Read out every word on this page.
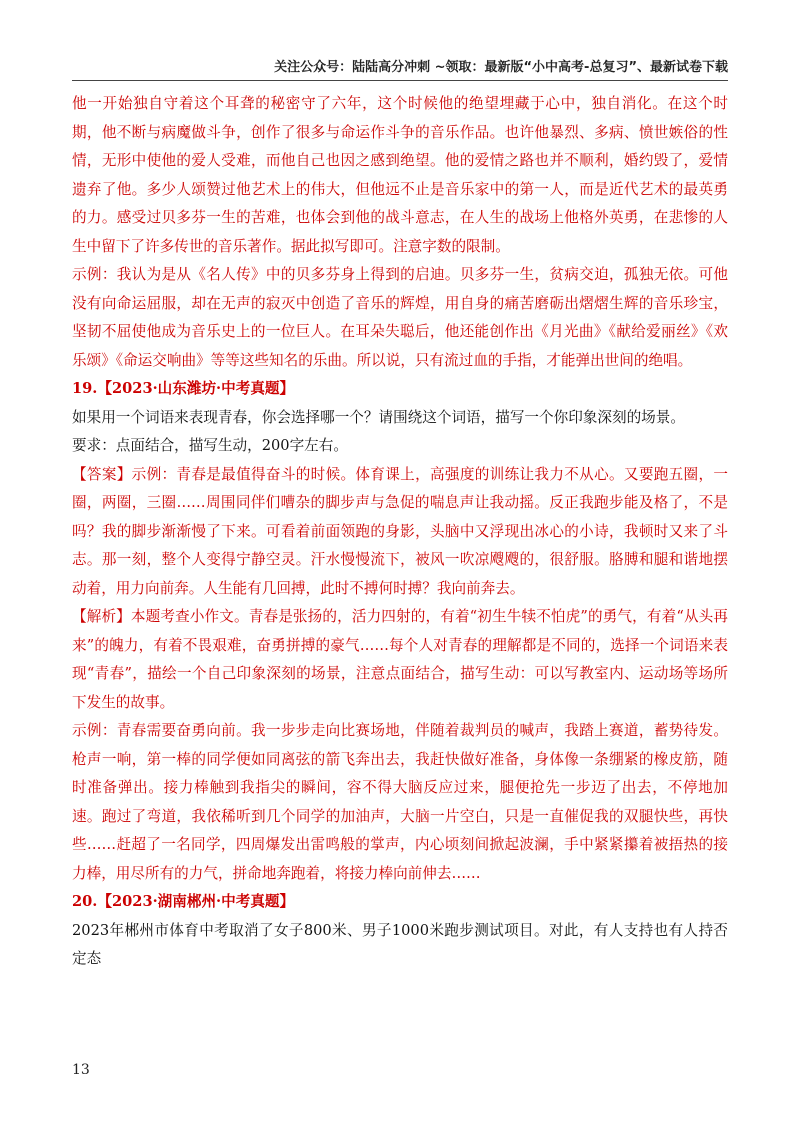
关注公众号：陆陆高分冲刺 ~领取：最新版“小中高考-总复习”、最新试卷下载

他一开始独自守着这个耳聋的秘密守了六年，这个时候他的绝望埋藏于心中，独自消化。在这个时期，他不断与病魔做斗争，创作了很多与命运作斗争的音乐作品。也许他暴烈、多病、愤世嫉俗的性情，无形中使他的爱人受难，而他自己也因之感到绝望。他的爱情之路也并不顺利，婚约毁了，爱情遗弃了他。多少人颂赞过他艺术上的伟大，但他远不止是音乐家中的第一人，而是近代艺术的最英勇的力。感受过贝多芬一生的苦难，也体会到他的战斗意志，在人生的战场上他格外英勇，在悲惨的人生中留下了许多传世的音乐著作。据此拟写即可。注意字数的限制。

示例：我认为是从《名人传》中的贝多芬身上得到的启迪。贝多芬一生，贫病交迫，孤独无依。可他没有向命运屈服，却在无声的寂灭中创造了音乐的辉煌，用自身的痛苦磨砺出熠熠生辉的音乐珍宝，坚韧不屈使他成为音乐史上的一位巨人。在耳朵失聪后，他还能创作出《月光曲》《献给爱丽丝》《欢乐颂》《命运交响曲》等等这些知名的乐曲。所以说，只有流过血的手指，才能弹出世间的绝唱。

19.【2023·山东潍坊·中考真题】

如果用一个词语来表现青春，你会选择哪一个？请围绕这个词语，描写一个你印象深刻的场景。

要求：点面结合，描写生动，200字左右。

【答案】示例：青春是最值得奋斗的时候。体育课上，高强度的训练让我力不从心。又要跑五圈，一圈，两圈，三圈……周围同伴们嘈杂的脚步声与急促的喘息声让我动摇。反正我跑步能及格了，不是吗？我的脚步渐渐慢了下来。可看着前面领跑的身影，头脑中又浮现出冰心的小诗，我顿时又来了斗志。那一刻，整个人变得宁静空灵。汗水慢慢流下，被风一吹凉飕飕的，很舒服。胳膊和腿和谐地摆动着，用力向前奔。人生能有几回搏，此时不搏何时搏？我向前奔去。

【解析】本题考查小作文。青春是张扬的，活力四射的，有着“初生牛犊不怕虎”的勇气，有着“从头再来”的魄力，有着不畏艰难，奋勇拼搏的豪气……每个人对青春的理解都是不同的，选择一个词语来表现“青春”，描绘一个自己印象深刻的场景，注意点面结合，描写生动：可以写教室内、运动场等场所下发生的故事。

示例：青春需要奋勇向前。我一步步走向比赛场地，伴随着裁判员的喊声，我踏上赛道，蓄势待发。枪声一响，第一棒的同学便如同离弦的箭飞奔出去，我赶快做好准备，身体像一条绷紧的橡皮筋，随时准备弹出。接力棒触到我指尖的瞬间，容不得大脑反应过来，腿便抢先一步迈了出去，不停地加速。跑过了弯道，我依稀听到几个同学的加油声，大脑一片空白，只是一直催促我的双腿快些，再快些……赶超了一名同学，四周爆发出雷鸣般的掌声，内心顷刻间掀起波澜，手中紧紧攥着被捂热的接力棒，用尽所有的力气，拼命地奔跑着，将接力棒向前伸去……

20.【2023·湖南郴州·中考真题】

2023年郴州市体育中考取消了女子800米、男子1000米跑步测试项目。对此，有人支持也有人持否定态

13
